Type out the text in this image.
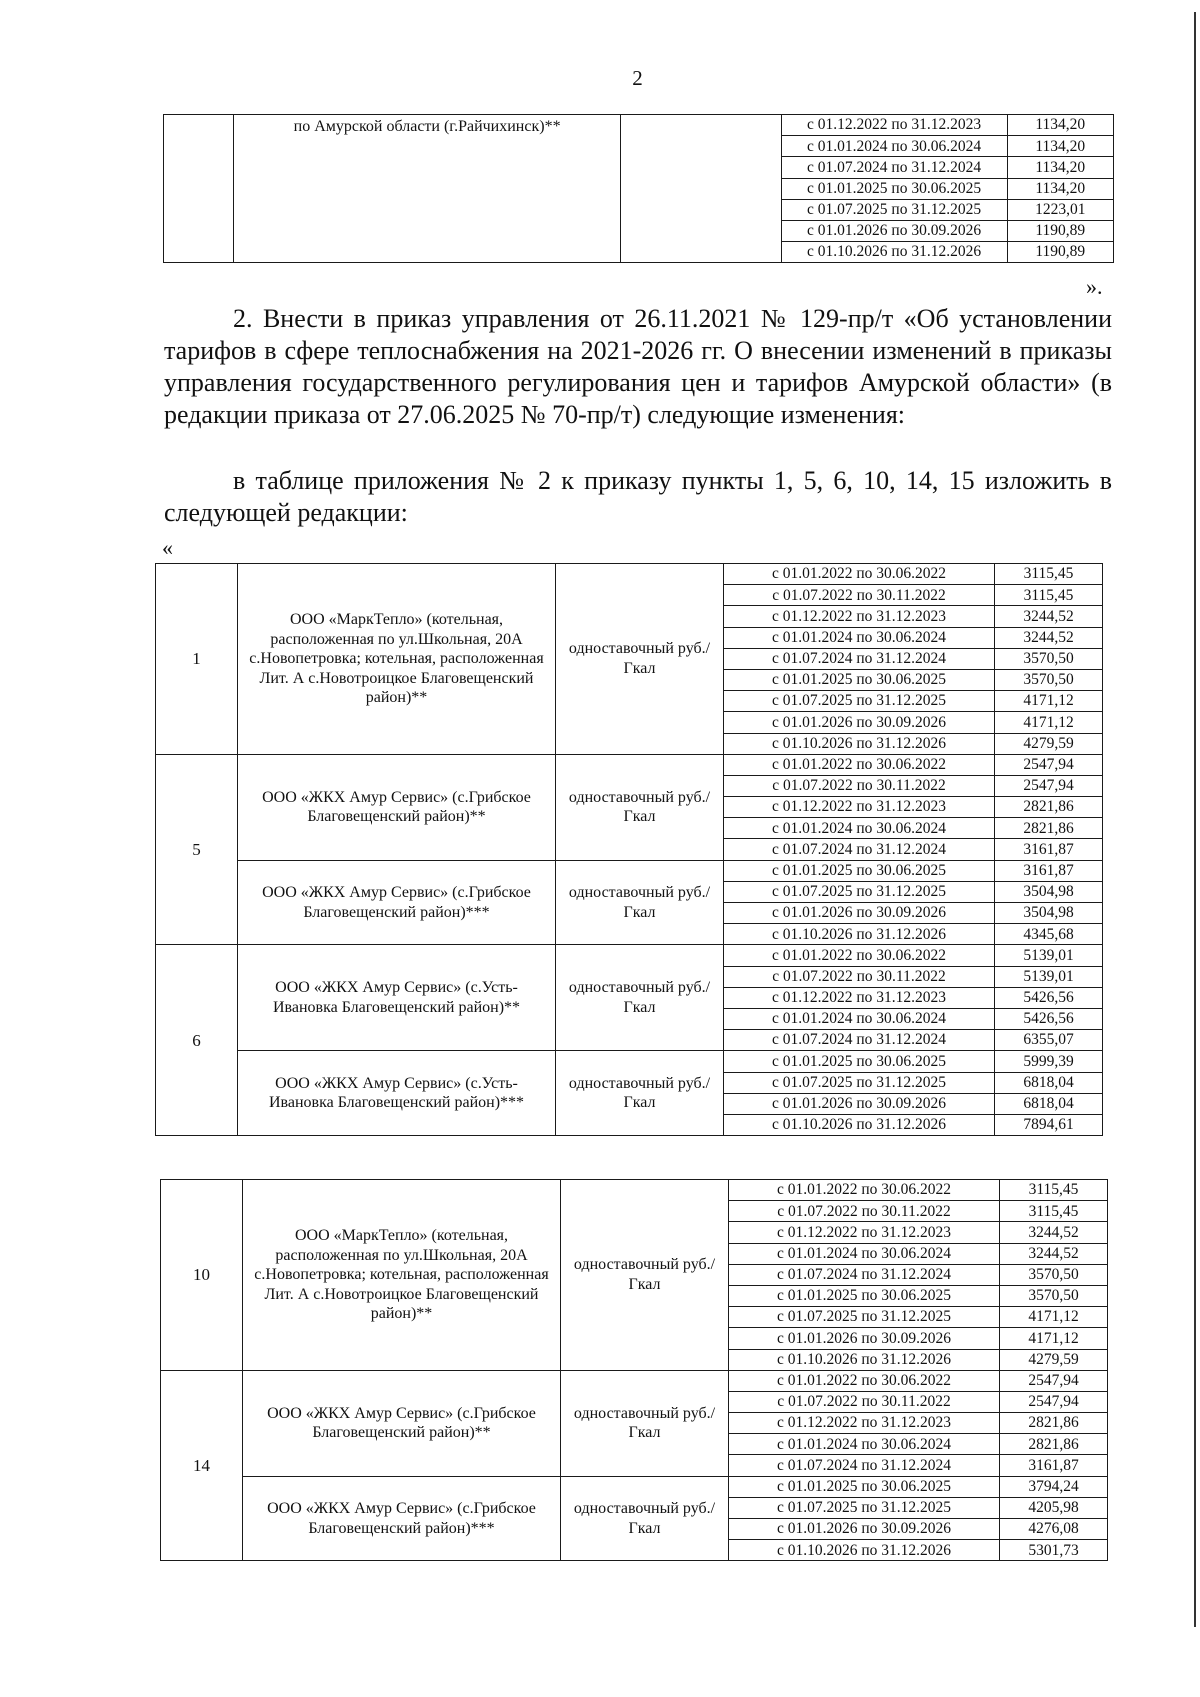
2
	по Амурской области (г.Райчихинск)**		с 01.12.2022 по 31.12.2023	1134,20
			с 01.01.2024 по 30.06.2024	1134,20
			с 01.07.2024 по 31.12.2024	1134,20
			с 01.01.2025 по 30.06.2025	1134,20
			с 01.07.2025 по 31.12.2025	1223,01
			с 01.01.2026 по 30.09.2026	1190,89
			с 01.10.2026 по 31.12.2026	1190,89
».

2. Внести в приказ управления от 26.11.2021 № 129-пр/т «Об установлении тарифов в сфере теплоснабжения на 2021-2026 гг. О внесении изменений в приказы управления государственного регулирования цен и тарифов Амурской области» (в редакции приказа от 27.06.2025 № 70-пр/т) следующие изменения:

в таблице приложения № 2 к приказу пункты 1, 5, 6, 10, 14, 15 изложить в следующей редакции:

«
1	ООО «МаркТепло» (котельная, расположенная по ул.Школьная, 20А с.Новопетровка; котельная, расположенная Лит. А с.Новотроицкое Благовещенский район)**	одноставочный руб./Гкал	с 01.01.2022 по 30.06.2022	3115,45
			с 01.07.2022 по 30.11.2022	3115,45
			с 01.12.2022 по 31.12.2023	3244,52
			с 01.01.2024 по 30.06.2024	3244,52
			с 01.07.2024 по 31.12.2024	3570,50
			с 01.01.2025 по 30.06.2025	3570,50
			с 01.07.2025 по 31.12.2025	4171,12
			с 01.01.2026 по 30.09.2026	4171,12
			с 01.10.2026 по 31.12.2026	4279,59
5	ООО «ЖКХ Амур Сервис» (с.Грибское Благовещенский район)**	одноставочный руб./Гкал	с 01.01.2022 по 30.06.2022	2547,94
			с 01.07.2022 по 30.11.2022	2547,94
			с 01.12.2022 по 31.12.2023	2821,86
			с 01.01.2024 по 30.06.2024	2821,86
			с 01.07.2024 по 31.12.2024	3161,87
	ООО «ЖКХ Амур Сервис» (с.Грибское Благовещенский район)***	одноставочный руб./Гкал	с 01.01.2025 по 30.06.2025	3161,87
			с 01.07.2025 по 31.12.2025	3504,98
			с 01.01.2026 по 30.09.2026	3504,98
			с 01.10.2026 по 31.12.2026	4345,68
6	ООО «ЖКХ Амур Сервис» (с.Усть-Ивановка Благовещенский район)**	одноставочный руб./Гкал	с 01.01.2022 по 30.06.2022	5139,01
			с 01.07.2022 по 30.11.2022	5139,01
			с 01.12.2022 по 31.12.2023	5426,56
			с 01.01.2024 по 30.06.2024	5426,56
			с 01.07.2024 по 31.12.2024	6355,07
	ООО «ЖКХ Амур Сервис» (с.Усть-Ивановка Благовещенский район)***	одноставочный руб./Гкал	с 01.01.2025 по 30.06.2025	5999,39
			с 01.07.2025 по 31.12.2025	6818,04
			с 01.01.2026 по 30.09.2026	6818,04
			с 01.10.2026 по 31.12.2026	7894,61
10	ООО «МаркТепло» (котельная, расположенная по ул.Школьная, 20А с.Новопетровка; котельная, расположенная Лит. А с.Новотроицкое Благовещенский район)**	одноставочный руб./Гкал	с 01.01.2022 по 30.06.2022	3115,45
			с 01.07.2022 по 30.11.2022	3115,45
			с 01.12.2022 по 31.12.2023	3244,52
			с 01.01.2024 по 30.06.2024	3244,52
			с 01.07.2024 по 31.12.2024	3570,50
			с 01.01.2025 по 30.06.2025	3570,50
			с 01.07.2025 по 31.12.2025	4171,12
			с 01.01.2026 по 30.09.2026	4171,12
			с 01.10.2026 по 31.12.2026	4279,59
14	ООО «ЖКХ Амур Сервис» (с.Грибское Благовещенский район)**	одноставочный руб./Гкал	с 01.01.2022 по 30.06.2022	2547,94
			с 01.07.2022 по 30.11.2022	2547,94
			с 01.12.2022 по 31.12.2023	2821,86
			с 01.01.2024 по 30.06.2024	2821,86
			с 01.07.2024 по 31.12.2024	3161,87
	ООО «ЖКХ Амур Сервис» (с.Грибское Благовещенский район)***	одноставочный руб./Гкал	с 01.01.2025 по 30.06.2025	3794,24
			с 01.07.2025 по 31.12.2025	4205,98
			с 01.01.2026 по 30.09.2026	4276,08
			с 01.10.2026 по 31.12.2026	5301,73
